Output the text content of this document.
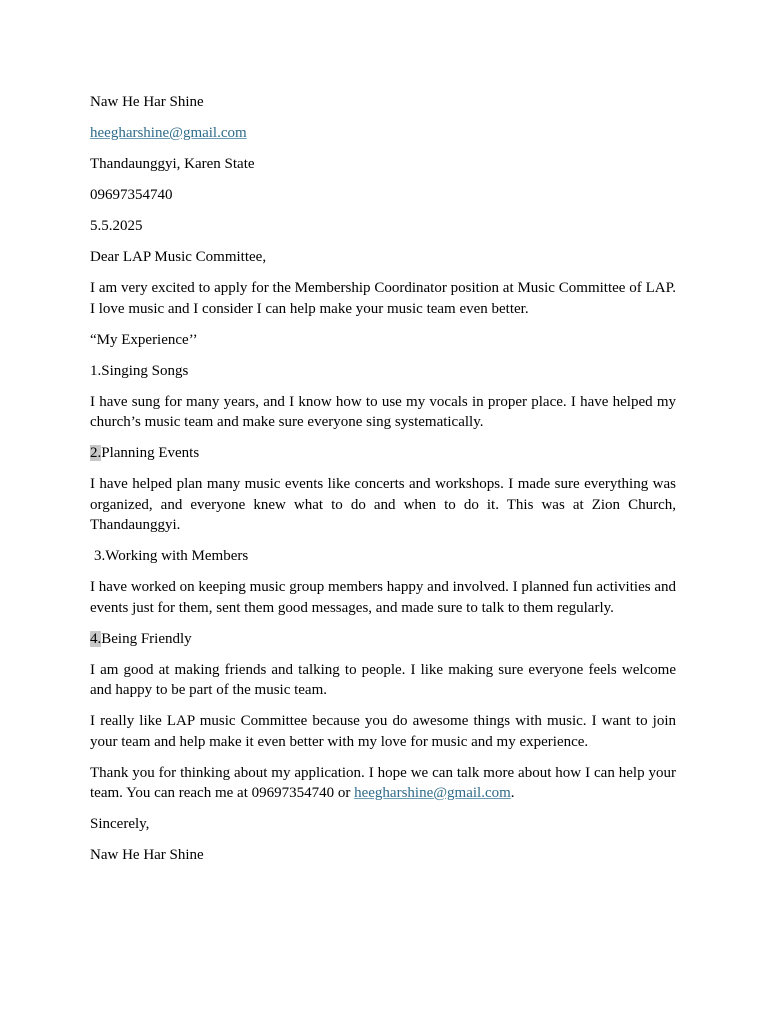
Naw He Har Shine

heegharshine@gmail.com

Thandaunggyi, Karen State

09697354740

5.5.2025

Dear LAP Music Committee,

I am very excited to apply for the Membership Coordinator position at Music Committee of LAP. I love music and I consider I can help make your music team even better.

“My Experience’’

1.Singing Songs

I have sung for many years, and I know how to use my vocals in proper place. I have helped my church’s music team and make sure everyone sing systematically.

2.Planning Events

I have helped plan many music events like concerts and workshops. I made sure everything was organized, and everyone knew what to do and when to do it. This was at Zion Church, Thandaunggyi.

3.Working with Members

I have worked on keeping music group members happy and involved. I planned fun activities and events just for them, sent them good messages, and made sure to talk to them regularly.

4.Being Friendly

I am good at making friends and talking to people. I like making sure everyone feels welcome and happy to be part of the music team.

I really like LAP music Committee because you do awesome things with music. I want to join your team and help make it even better with my love for music and my experience.

Thank you for thinking about my application. I hope we can talk more about how I can help your team. You can reach me at 09697354740 or heegharshine@gmail.com.

Sincerely,

Naw He Har Shine
